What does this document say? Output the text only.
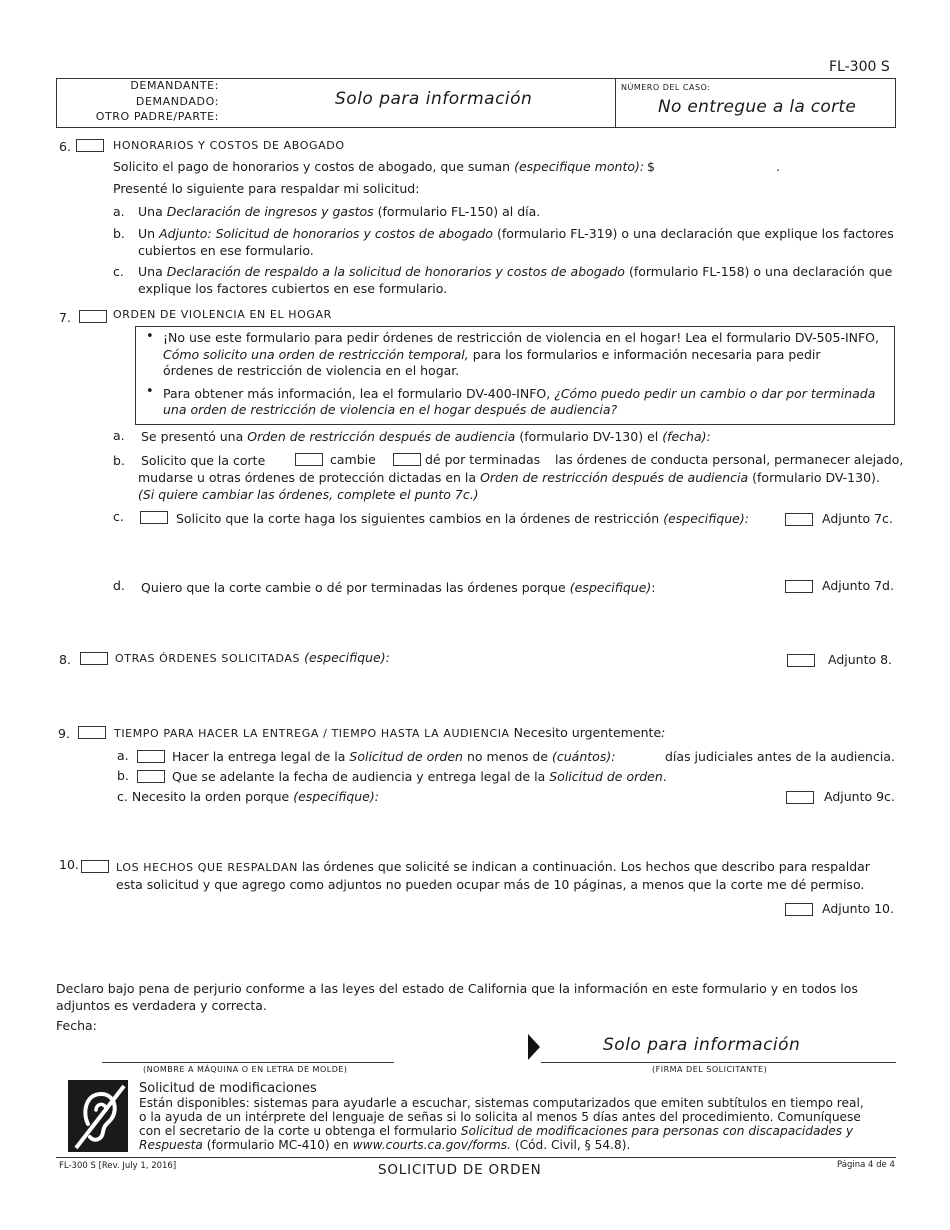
FL-300 S
DEMANDANTE:
DEMANDADO:
OTRO PADRE/PARTE:
Solo para información
NÚMERO DEL CASO:
No entregue a la corte
6.	HONORARIOS Y COSTOS DE ABOGADO
Solicito el pago de honorarios y costos de abogado, que suman (especifique monto): $	.
Presenté lo siguiente para respaldar mi solicitud:
a. Una Declaración de ingresos y gastos (formulario FL-150) al día.
b. Un Adjunto: Solicitud de honorarios y costos de abogado (formulario FL-319) o una declaración que explique los factores
cubiertos en ese formulario.
c. Una Declaración de respaldo a la solicitud de honorarios y costos de abogado (formulario FL-158) o una declaración que
explique los factores cubiertos en ese formulario.
7.	ORDEN DE VIOLENCIA EN EL HOGAR
• ¡No use este formulario para pedir órdenes de restricción de violencia en el hogar! Lea el formulario DV-505-INFO,
Cómo solicito una orden de restricción temporal, para los formularios e información necesaria para pedir
órdenes de restricción de violencia en el hogar.
• Para obtener más información, lea el formulario DV-400-INFO, ¿Cómo puedo pedir un cambio o dar por terminada
una orden de restricción de violencia en el hogar después de audiencia?
a. Se presentó una Orden de restricción después de audiencia (formulario DV-130) el (fecha):
b. Solicito que la corte	cambie	dé por terminadas las órdenes de conducta personal, permanecer alejado,
mudarse u otras órdenes de protección dictadas en la Orden de restricción después de audiencia (formulario DV-130).
(Si quiere cambiar las órdenes, complete el punto 7c.)
c.	Solicito que la corte haga los siguientes cambios en la órdenes de restricción (especifique):	Adjunto 7c.
d. Quiero que la corte cambie o dé por terminadas las órdenes porque (especifique):	Adjunto 7d.
8.	OTRAS ÓRDENES SOLICITADAS (especifique):	Adjunto 8.
9.	TIEMPO PARA HACER LA ENTREGA / TIEMPO HASTA LA AUDIENCIA Necesito urgentemente:
a.	Hacer la entrega legal de la Solicitud de orden no menos de (cuántos):	días judiciales antes de la audiencia.
b.	Que se adelante la fecha de audiencia y entrega legal de la Solicitud de orden.
c. Necesito la orden porque (especifique):	Adjunto 9c.
10.	LOS HECHOS QUE RESPALDAN las órdenes que solicité se indican a continuación. Los hechos que describo para respaldar
esta solicitud y que agrego como adjuntos no pueden ocupar más de 10 páginas, a menos que la corte me dé permiso.
Adjunto 10.
Declaro bajo pena de perjurio conforme a las leyes del estado de California que la información en este formulario y en todos los
adjuntos es verdadera y correcta.
Fecha:
(NOMBRE A MÁQUINA O EN LETRA DE MOLDE)
Solo para información
(FIRMA DEL SOLICITANTE)
Solicitud de modificaciones
Están disponibles: sistemas para ayudarle a escuchar, sistemas computarizados que emiten subtítulos en tiempo real,
o la ayuda de un intérprete del lenguaje de señas si lo solicita al menos 5 días antes del procedimiento. Comuníquese
con el secretario de la corte u obtenga el formulario Solicitud de modificaciones para personas con discapacidades y
Respuesta (formulario MC-410) en www.courts.ca.gov/forms. (Cód. Civil, § 54.8).
FL-300 S [Rev. July 1, 2016]	SOLICITUD DE ORDEN	Página 4 de 4
